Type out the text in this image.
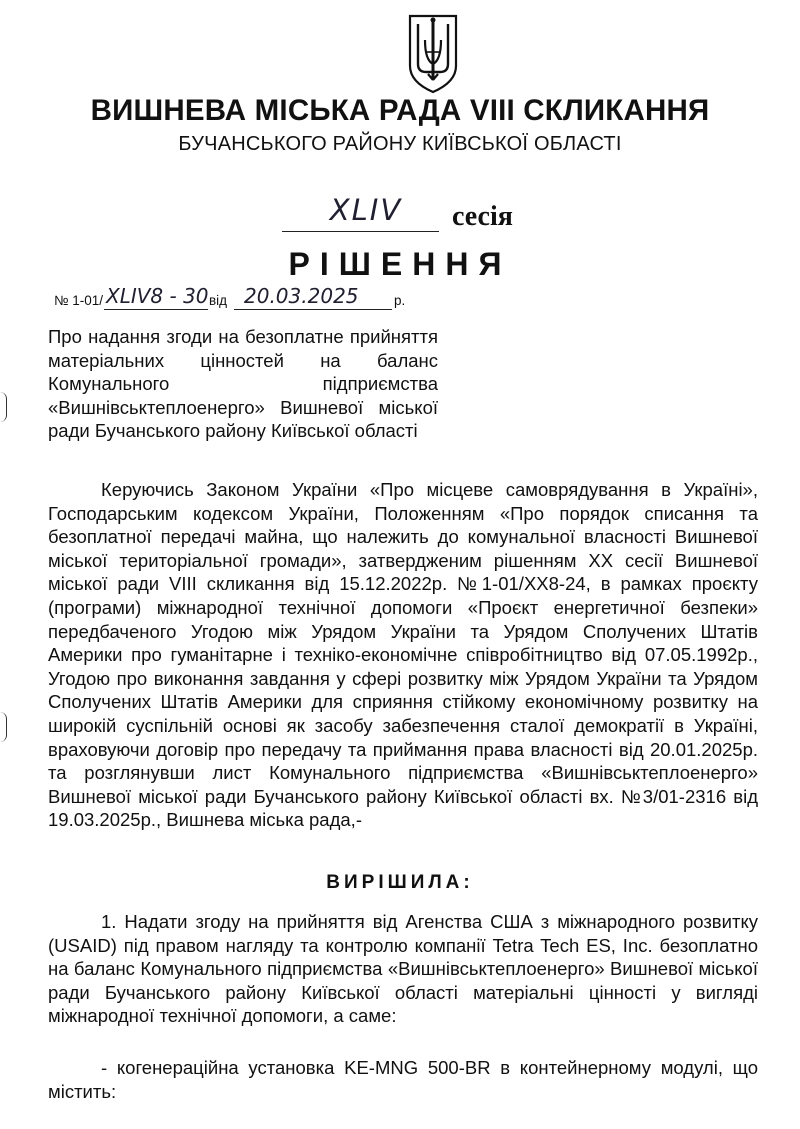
ВИШНЕВА МІСЬКА РАДА VIII СКЛИКАННЯ
БУЧАНСЬКОГО РАЙОНУ КИЇВСЬКОЇ ОБЛАСТІ
XLIV	сесія
РІШЕННЯ
№ 1-01/ XLIV8 - 30 від 20.03.2025	р.
Про надання згоди на безоплатне прийняття матеріальних цінностей на баланс Комунального підприємства «Вишнівськтеплоенерго» Вишневої міської ради Бучанського району Київської області
Керуючись Законом України «Про місцеве самоврядування в Україні», Господарським кодексом України, Положенням «Про порядок списання та безоплатної передачі майна, що належить до комунальної власності Вишневої міської територіальної громади», затвердженим рішенням XX сесії Вишневої міської ради VIII скликання від 15.12.2022р. №1-01/XX8-24, в рамках проєкту (програми) міжнародної технічної допомоги «Проєкт енергетичної безпеки» передбаченого Угодою між Урядом України та Урядом Сполучених Штатів Америки про гуманітарне і техніко-економічне співробітництво від 07.05.1992р., Угодою про виконання завдання у сфері розвитку між Урядом України та Урядом Сполучених Штатів Америки для сприяння стійкому економічному розвитку на широкій суспільній основі як засобу забезпечення сталої демократії в Україні, враховуючи договір про передачу та приймання права власності від 20.01.2025р. та розглянувши лист Комунального підприємства «Вишнівськтеплоенерго» Вишневої міської ради Бучанського району Київської області вх. №3/01-2316 від 19.03.2025р., Вишнева міська рада,-
ВИРІШИЛА:
1. Надати згоду на прийняття від Агенства США з міжнародного розвитку (USAID) під правом нагляду та контролю компанії Tetra Tech ES, Inc. безоплатно на баланс Комунального підприємства «Вишнівськтеплоенерго» Вишневої міської ради Бучанського району Київської області матеріальні цінності у вигляді міжнародної технічної допомоги, а саме:
- когенераційна установка KE-MNG 500-BR в контейнерному модулі, що містить:
